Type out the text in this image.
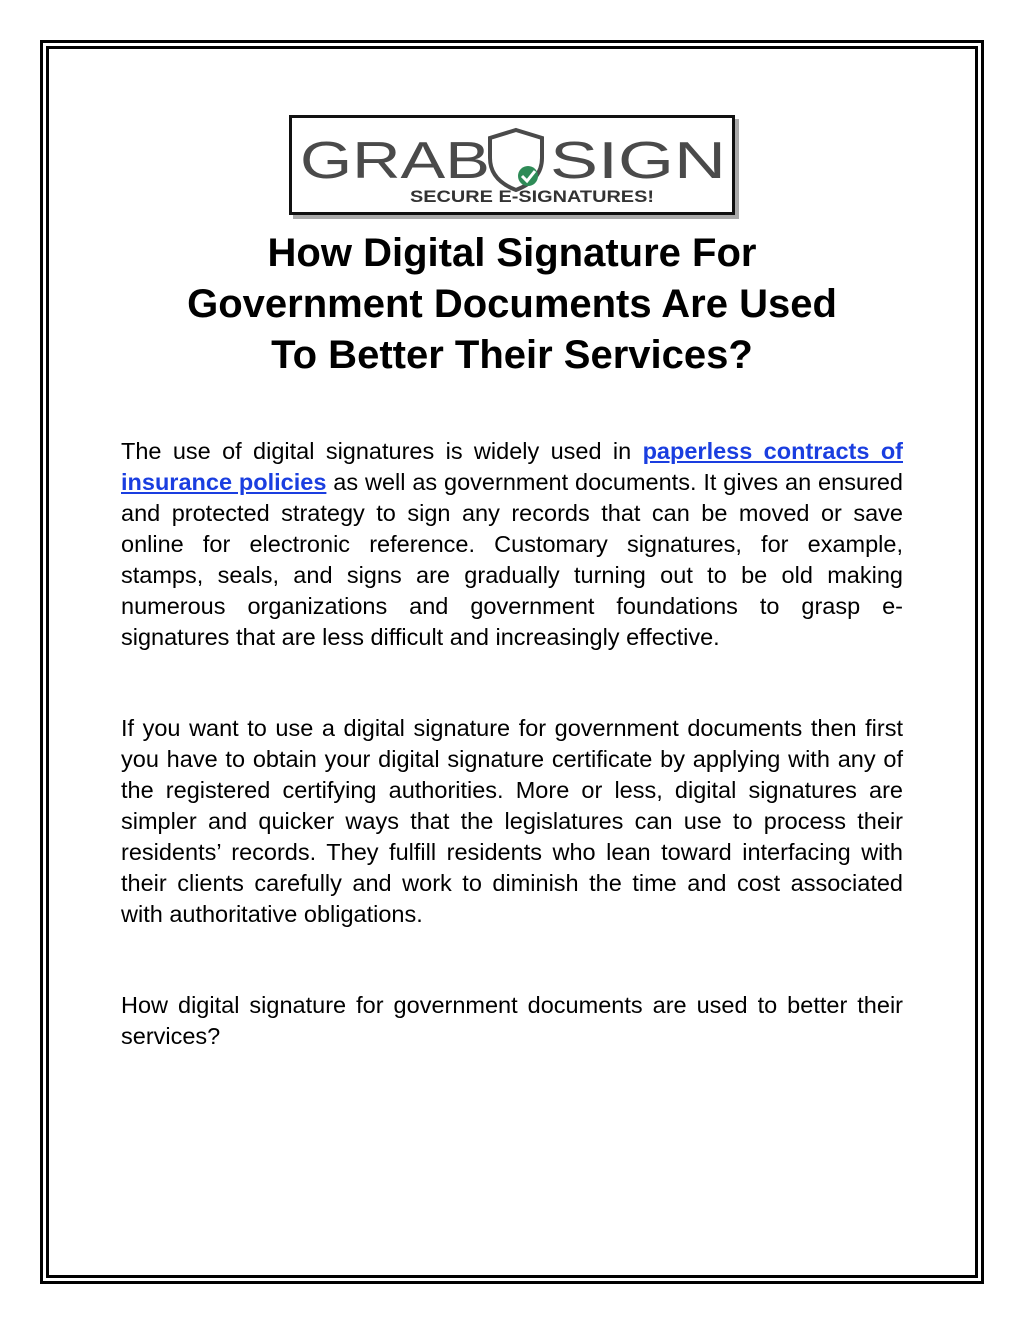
GRAB SIGN
SECURE E-SIGNATURES!
How Digital Signature For
Government Documents Are Used
To Better Their Services?

The use of digital signatures is widely used in paperless contracts of insurance policies as well as government documents. It gives an ensured and protected strategy to sign any records that can be moved or save online for electronic reference. Customary signatures, for example, stamps, seals, and signs are gradually turning out to be old making numerous organizations and government foundations to grasp e-signatures that are less difficult and increasingly effective.

If you want to use a digital signature for government documents then first you have to obtain your digital signature certificate by applying with any of the registered certifying authorities. More or less, digital signatures are simpler and quicker ways that the legislatures can use to process their residents’ records. They fulfill residents who lean toward interfacing with their clients carefully and work to diminish the time and cost associated with authoritative obligations.

How digital signature for government documents are used to better their services?
